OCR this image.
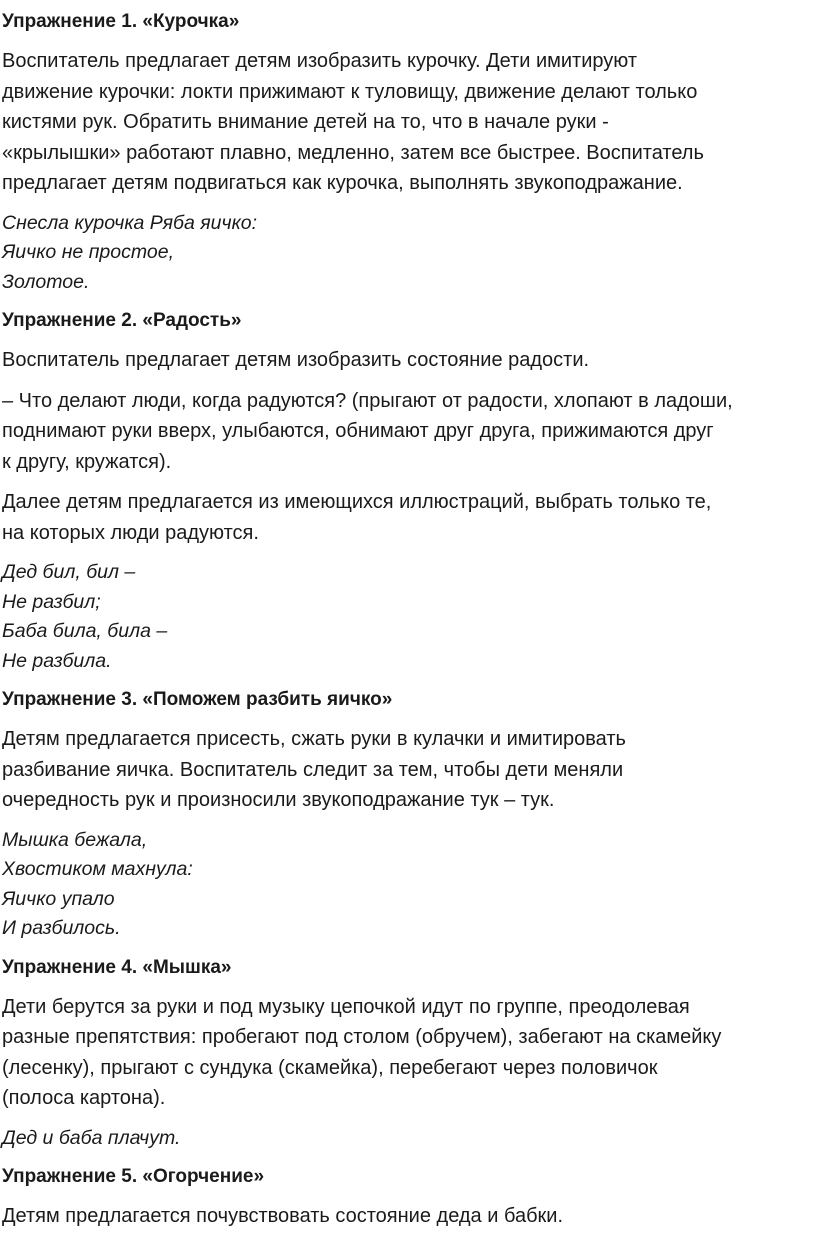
Упражнение 1. «Курочка»

Воспитатель предлагает детям изобразить курочку. Дети имитируют
движение курочки: локти прижимают к туловищу, движение делают только
кистями рук. Обратить внимание детей на то, что в начале руки -
«крылышки» работают плавно, медленно, затем все быстрее. Воспитатель
предлагает детям подвигаться как курочка, выполнять звукоподражание.

Снесла курочка Ряба яичко:
Яичко не простое,
Золотое.

Упражнение 2. «Радость»

Воспитатель предлагает детям изобразить состояние радости.

– Что делают люди, когда радуются? (прыгают от радости, хлопают в ладоши,
поднимают руки вверх, улыбаются, обнимают друг друга, прижимаются друг
к другу, кружатся).

Далее детям предлагается из имеющихся иллюстраций, выбрать только те,
на которых люди радуются.

Дед бил, бил –
Не разбил;
Баба била, била –
Не разбила.

Упражнение 3. «Поможем разбить яичко»

Детям предлагается присесть, сжать руки в кулачки и имитировать
разбивание яичка. Воспитатель следит за тем, чтобы дети меняли
очередность рук и произносили звукоподражание тук – тук.

Мышка бежала,
Хвостиком махнула:
Яичко упало
И разбилось.

Упражнение 4. «Мышка»

Дети берутся за руки и под музыку цепочкой идут по группе, преодолевая
разные препятствия: пробегают под столом (обручем), забегают на скамейку
(лесенку), прыгают с сундука (скамейка), перебегают через половичок
(полоса картона).

Дед и баба плачут.

Упражнение 5. «Огорчение»

Детям предлагается почувствовать состояние деда и бабки.
